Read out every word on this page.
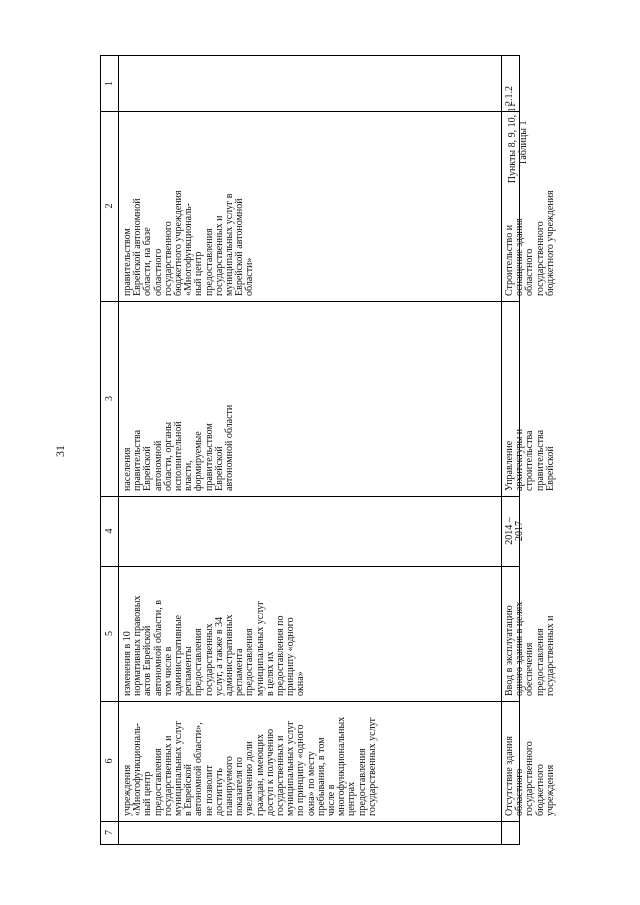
31
1
2
3
4
5
6
7
правительством
Еврейской автономной
области, на базе
областного
государственного
бюджетного учреждения
«Многофункциональ-
ный центр
предоставления
государственных и
муниципальных услуг в
Еврейской автономной
области»
населения
правительства
Еврейской
автономной
области, органы
исполнительной
власти,
формируемые
правительством
Еврейской
автономной области
изменения в 10
нормативных правовых
актов Еврейской
автономной области, в
том числе в
административные
регламенты
предоставления
государственных
услуг, а также в 34
административных
регламента
предоставления
муниципальных услуг
в целях их
предоставления по
принципу «одного
окна»
учреждения
«Многофункциональ-
ный центр
предоставления
государственных и
муниципальных услуг
в Еврейской
автономной области»,
не позволит
достигнуть
планируемого
показателя по
увеличению доли
граждан, имеющих
доступ к получению
государственных и
муниципальных услуг
по принципу «одного
окна» по месту
пребывания, в том
числе в
многофункциональных
центрах
предоставления
государственных услуг
2.1.2
Строительство и
оснащение здания
областного
государственного
бюджетного учреждения
Управление
архитектуры и
строительства
правительства
Еврейской
2014 –
2017
Ввод в эксплуатацию
одного здания в целях
обеспечения
предоставления
государственных и
Отсутствие здания
областного
государственного
бюджетного
учреждения
Пункты 8, 9, 10, 11
Таблицы 1
